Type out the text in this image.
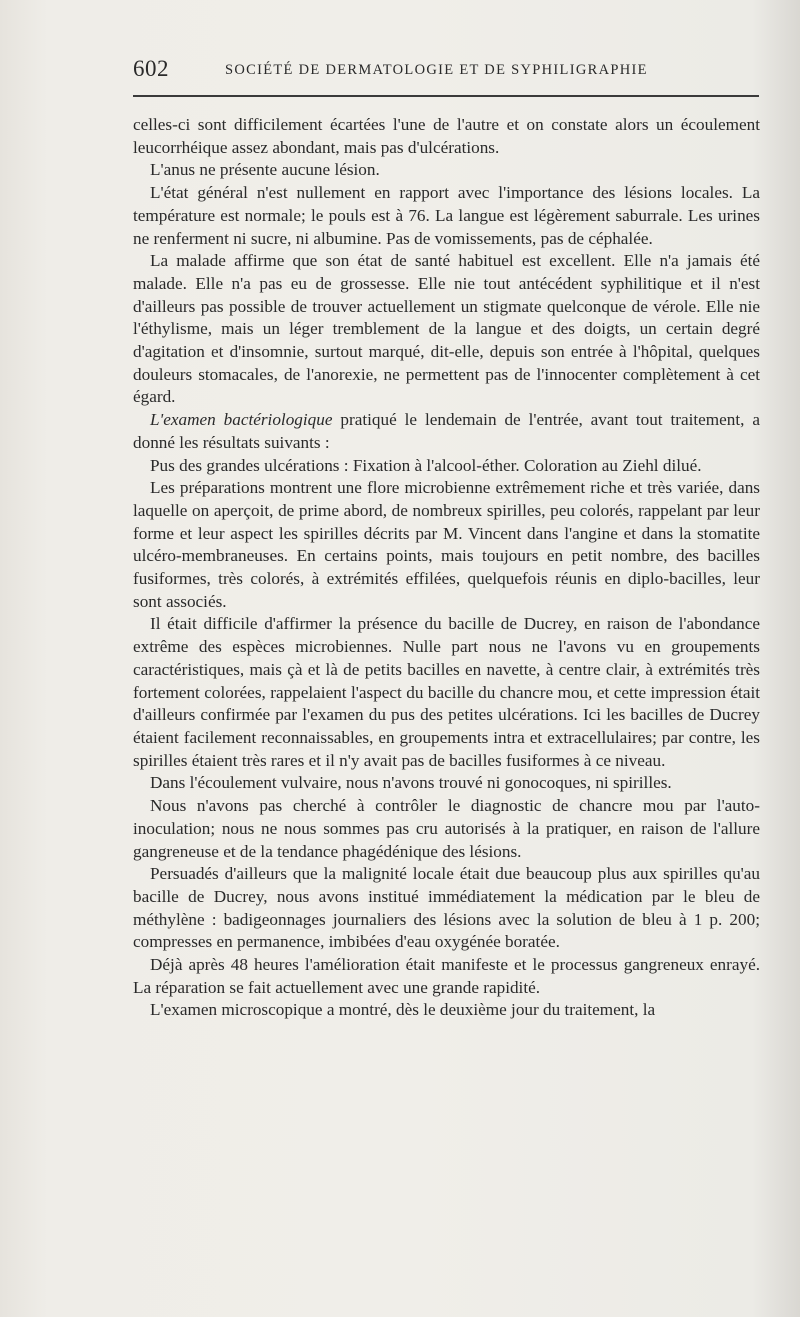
602	SOCIÉTÉ DE DERMATOLOGIE ET DE SYPHILIGRAPHIE

celles-ci sont difficilement écartées l'une de l'autre et on constate alors un écoulement leucorrhéique assez abondant, mais pas d'ulcérations.

L'anus ne présente aucune lésion.

L'état général n'est nullement en rapport avec l'importance des lésions locales. La température est normale; le pouls est à 76. La langue est légèrement saburrale. Les urines ne renferment ni sucre, ni albumine. Pas de vomissements, pas de céphalée.

La malade affirme que son état de santé habituel est excellent. Elle n'a jamais été malade. Elle n'a pas eu de grossesse. Elle nie tout antécédent syphilitique et il n'est d'ailleurs pas possible de trouver actuellement un stigmate quelconque de vérole. Elle nie l'éthylisme, mais un léger tremblement de la langue et des doigts, un certain degré d'agitation et d'insomnie, surtout marqué, dit-elle, depuis son entrée à l'hôpital, quelques douleurs stomacales, de l'anorexie, ne permettent pas de l'innocenter complètement à cet égard.

L'examen bactériologique pratiqué le lendemain de l'entrée, avant tout traitement, a donné les résultats suivants :

Pus des grandes ulcérations : Fixation à l'alcool-éther. Coloration au Ziehl dilué.

Les préparations montrent une flore microbienne extrêmement riche et très variée, dans laquelle on aperçoit, de prime abord, de nombreux spirilles, peu colorés, rappelant par leur forme et leur aspect les spirilles décrits par M. Vincent dans l'angine et dans la stomatite ulcéro-membraneuses. En certains points, mais toujours en petit nombre, des bacilles fusiformes, très colorés, à extrémités effilées, quelquefois réunis en diplo-bacilles, leur sont associés.

Il était difficile d'affirmer la présence du bacille de Ducrey, en raison de l'abondance extrême des espèces microbiennes. Nulle part nous ne l'avons vu en groupements caractéristiques, mais çà et là de petits bacilles en navette, à centre clair, à extrémités très fortement colorées, rappelaient l'aspect du bacille du chancre mou, et cette impression était d'ailleurs confirmée par l'examen du pus des petites ulcérations. Ici les bacilles de Ducrey étaient facilement reconnaissables, en groupements intra et extracellulaires; par contre, les spirilles étaient très rares et il n'y avait pas de bacilles fusiformes à ce niveau.

Dans l'écoulement vulvaire, nous n'avons trouvé ni gonocoques, ni spirilles.

Nous n'avons pas cherché à contrôler le diagnostic de chancre mou par l'auto-inoculation; nous ne nous sommes pas cru autorisés à la pratiquer, en raison de l'allure gangreneuse et de la tendance phagédénique des lésions.

Persuadés d'ailleurs que la malignité locale était due beaucoup plus aux spirilles qu'au bacille de Ducrey, nous avons institué immédiatement la médication par le bleu de méthylène : badigeonnages journaliers des lésions avec la solution de bleu à 1 p. 200; compresses en permanence, imbibées d'eau oxygénée boratée.

Déjà après 48 heures l'amélioration était manifeste et le processus gangreneux enrayé. La réparation se fait actuellement avec une grande rapidité.

L'examen microscopique a montré, dès le deuxième jour du traitement, la
